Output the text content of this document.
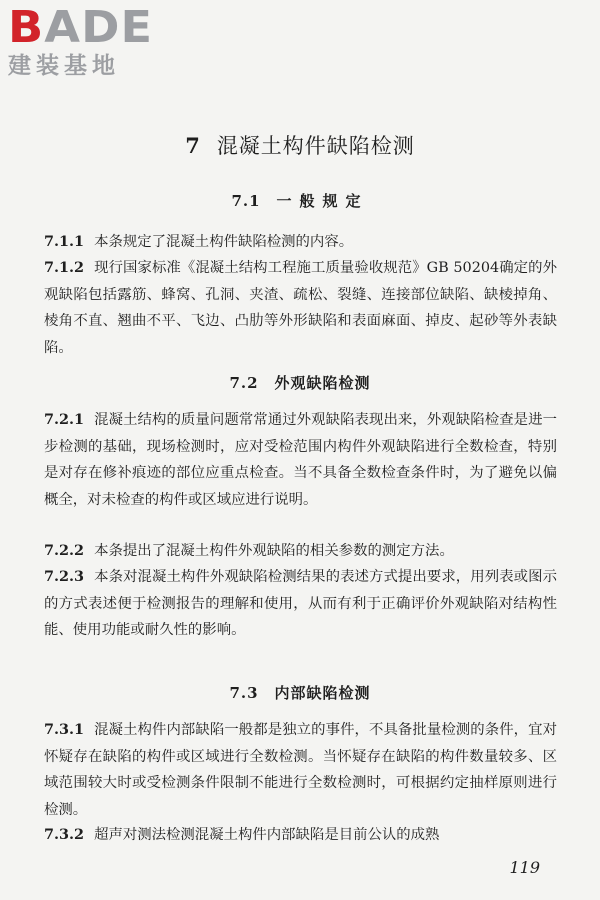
BADE
建装基地
7 混凝土构件缺陷检测
7.1 一般规定
7.1.1 本条规定了混凝土构件缺陷检测的内容。
7.1.2 现行国家标准《混凝土结构工程施工质量验收规范》GB 50204确定的外观缺陷包括露筋、蜂窝、孔洞、夹渣、疏松、裂缝、连接部位缺陷、缺棱掉角、棱角不直、翘曲不平、飞边、凸肋等外形缺陷和表面麻面、掉皮、起砂等外表缺陷。
7.2 外观缺陷检测
7.2.1 混凝土结构的质量问题常常通过外观缺陷表现出来，外观缺陷检查是进一步检测的基础，现场检测时，应对受检范围内构件外观缺陷进行全数检查，特别是对存在修补痕迹的部位应重点检查。当不具备全数检查条件时，为了避免以偏概全，对未检查的构件或区域应进行说明。
7.2.2 本条提出了混凝土构件外观缺陷的相关参数的测定方法。
7.2.3 本条对混凝土构件外观缺陷检测结果的表述方式提出要求，用列表或图示的方式表述便于检测报告的理解和使用，从而有利于正确评价外观缺陷对结构性能、使用功能或耐久性的影响。
7.3 内部缺陷检测
7.3.1 混凝土构件内部缺陷一般都是独立的事件，不具备批量检测的条件，宜对怀疑存在缺陷的构件或区域进行全数检测。当怀疑存在缺陷的构件数量较多、区域范围较大时或受检测条件限制不能进行全数检测时，可根据约定抽样原则进行检测。
7.3.2 超声对测法检测混凝土构件内部缺陷是目前公认的成熟
119
